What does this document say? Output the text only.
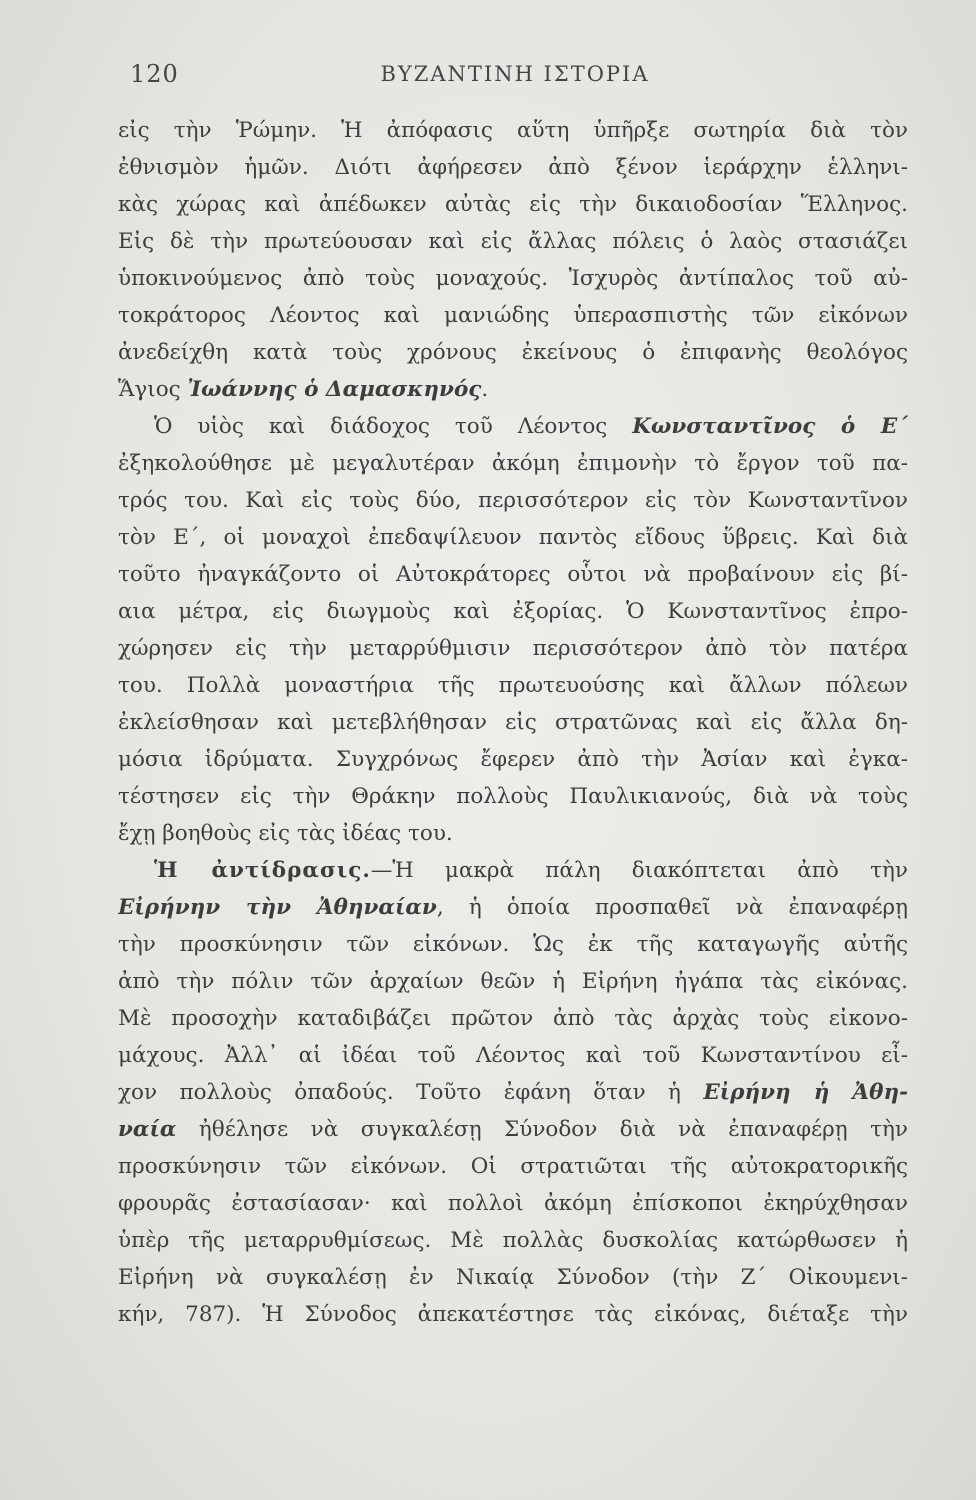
120	ΒΥΖΑΝΤΙΝΗ ΙΣΤΟΡΙΑ
εἰς τὴν Ῥώμην. Ἡ ἀπόφασις αὕτη ὑπῆρξε σωτηρία διὰ τὸν
ἐθνισμὸν ἡμῶν. Διότι ἀφήρεσεν ἀπὸ ξένον ἱεράρχην ἑλληνι-
κὰς χώρας καὶ ἀπέδωκεν αὐτὰς εἰς τὴν δικαιοδοσίαν Ἕλληνος.
Εἰς δὲ τὴν πρωτεύουσαν καὶ εἰς ἄλλας πόλεις ὁ λαὸς στασιάζει
ὑποκινούμενος ἀπὸ τοὺς μοναχούς. Ἰσχυρὸς ἀντίπαλος τοῦ αὐ-
τοκράτορος Λέοντος καὶ μανιώδης ὑπερασπιστὴς τῶν εἰκόνων
ἀνεδείχθη κατὰ τοὺς χρόνους ἐκείνους ὁ ἐπιφανὴς θεολόγος
Ἅγιος Ἰωάννης ὁ Δαμασκηνός.
Ὁ υἱὸς καὶ διάδοχος τοῦ Λέοντος Κωνσταντῖνος ὁ Ε΄
ἐξηκολούθησε μὲ μεγαλυτέραν ἀκόμη ἐπιμονὴν τὸ ἔργον τοῦ πα-
τρός του. Καὶ εἰς τοὺς δύο, περισσότερον εἰς τὸν Κωνσταντῖνον
τὸν Ε΄, οἱ μοναχοὶ ἐπεδαψίλευον παντὸς εἴδους ὕβρεις. Καὶ διὰ
τοῦτο ἠναγκάζοντο οἱ Αὐτοκράτορες οὗτοι νὰ προβαίνουν εἰς βί-
αια μέτρα, εἰς διωγμοὺς καὶ ἐξορίας. Ὁ Κωνσταντῖνος ἐπρο-
χώρησεν εἰς τὴν μεταρρύθμισιν περισσότερον ἀπὸ τὸν πατέρα
του. Πολλὰ μοναστήρια τῆς πρωτευούσης καὶ ἄλλων πόλεων
ἐκλείσθησαν καὶ μετεβλήθησαν εἰς στρατῶνας καὶ εἰς ἄλλα δη-
μόσια ἱδρύματα. Συγχρόνως ἔφερεν ἀπὸ τὴν Ἀσίαν καὶ ἐγκα-
τέστησεν εἰς τὴν Θράκην πολλοὺς Παυλικιανούς, διὰ νὰ τοὺς
ἔχῃ βοηθοὺς εἰς τὰς ἰδέας του.
Ἡ ἀντίδρασις.—Ἡ μακρὰ πάλη διακόπτεται ἀπὸ τὴν
Εἰρήνην τὴν Ἀθηναίαν, ἡ ὁποία προσπαθεῖ νὰ ἐπαναφέρῃ
τὴν προσκύνησιν τῶν εἰκόνων. Ὡς ἐκ τῆς καταγωγῆς αὐτῆς
ἀπὸ τὴν πόλιν τῶν ἀρχαίων θεῶν ἡ Εἰρήνη ἠγάπα τὰς εἰκόνας.
Μὲ προσοχὴν καταδιβάζει πρῶτον ἀπὸ τὰς ἀρχὰς τοὺς εἰκονο-
μάχους. Ἀλλ᾽ αἱ ἰδέαι τοῦ Λέοντος καὶ τοῦ Κωνσταντίνου εἶ-
χον πολλοὺς ὀπαδούς. Τοῦτο ἐφάνη ὅταν ἡ Εἰρήνη ἡ Ἀθη-
ναία ἠθέλησε νὰ συγκαλέσῃ Σύνοδον διὰ νὰ ἐπαναφέρῃ τὴν
προσκύνησιν τῶν εἰκόνων. Οἱ στρατιῶται τῆς αὐτοκρατορικῆς
φρουρᾶς ἐστασίασαν· καὶ πολλοὶ ἀκόμη ἐπίσκοποι ἐκηρύχθησαν
ὑπὲρ τῆς μεταρρυθμίσεως. Μὲ πολλὰς δυσκολίας κατώρθωσεν ἡ
Εἰρήνη νὰ συγκαλέσῃ ἐν Νικαίᾳ Σύνοδον (τὴν Ζ΄ Οἰκουμενι-
κήν, 787). Ἡ Σύνοδος ἀπεκατέστησε τὰς εἰκόνας, διέταξε τὴν
